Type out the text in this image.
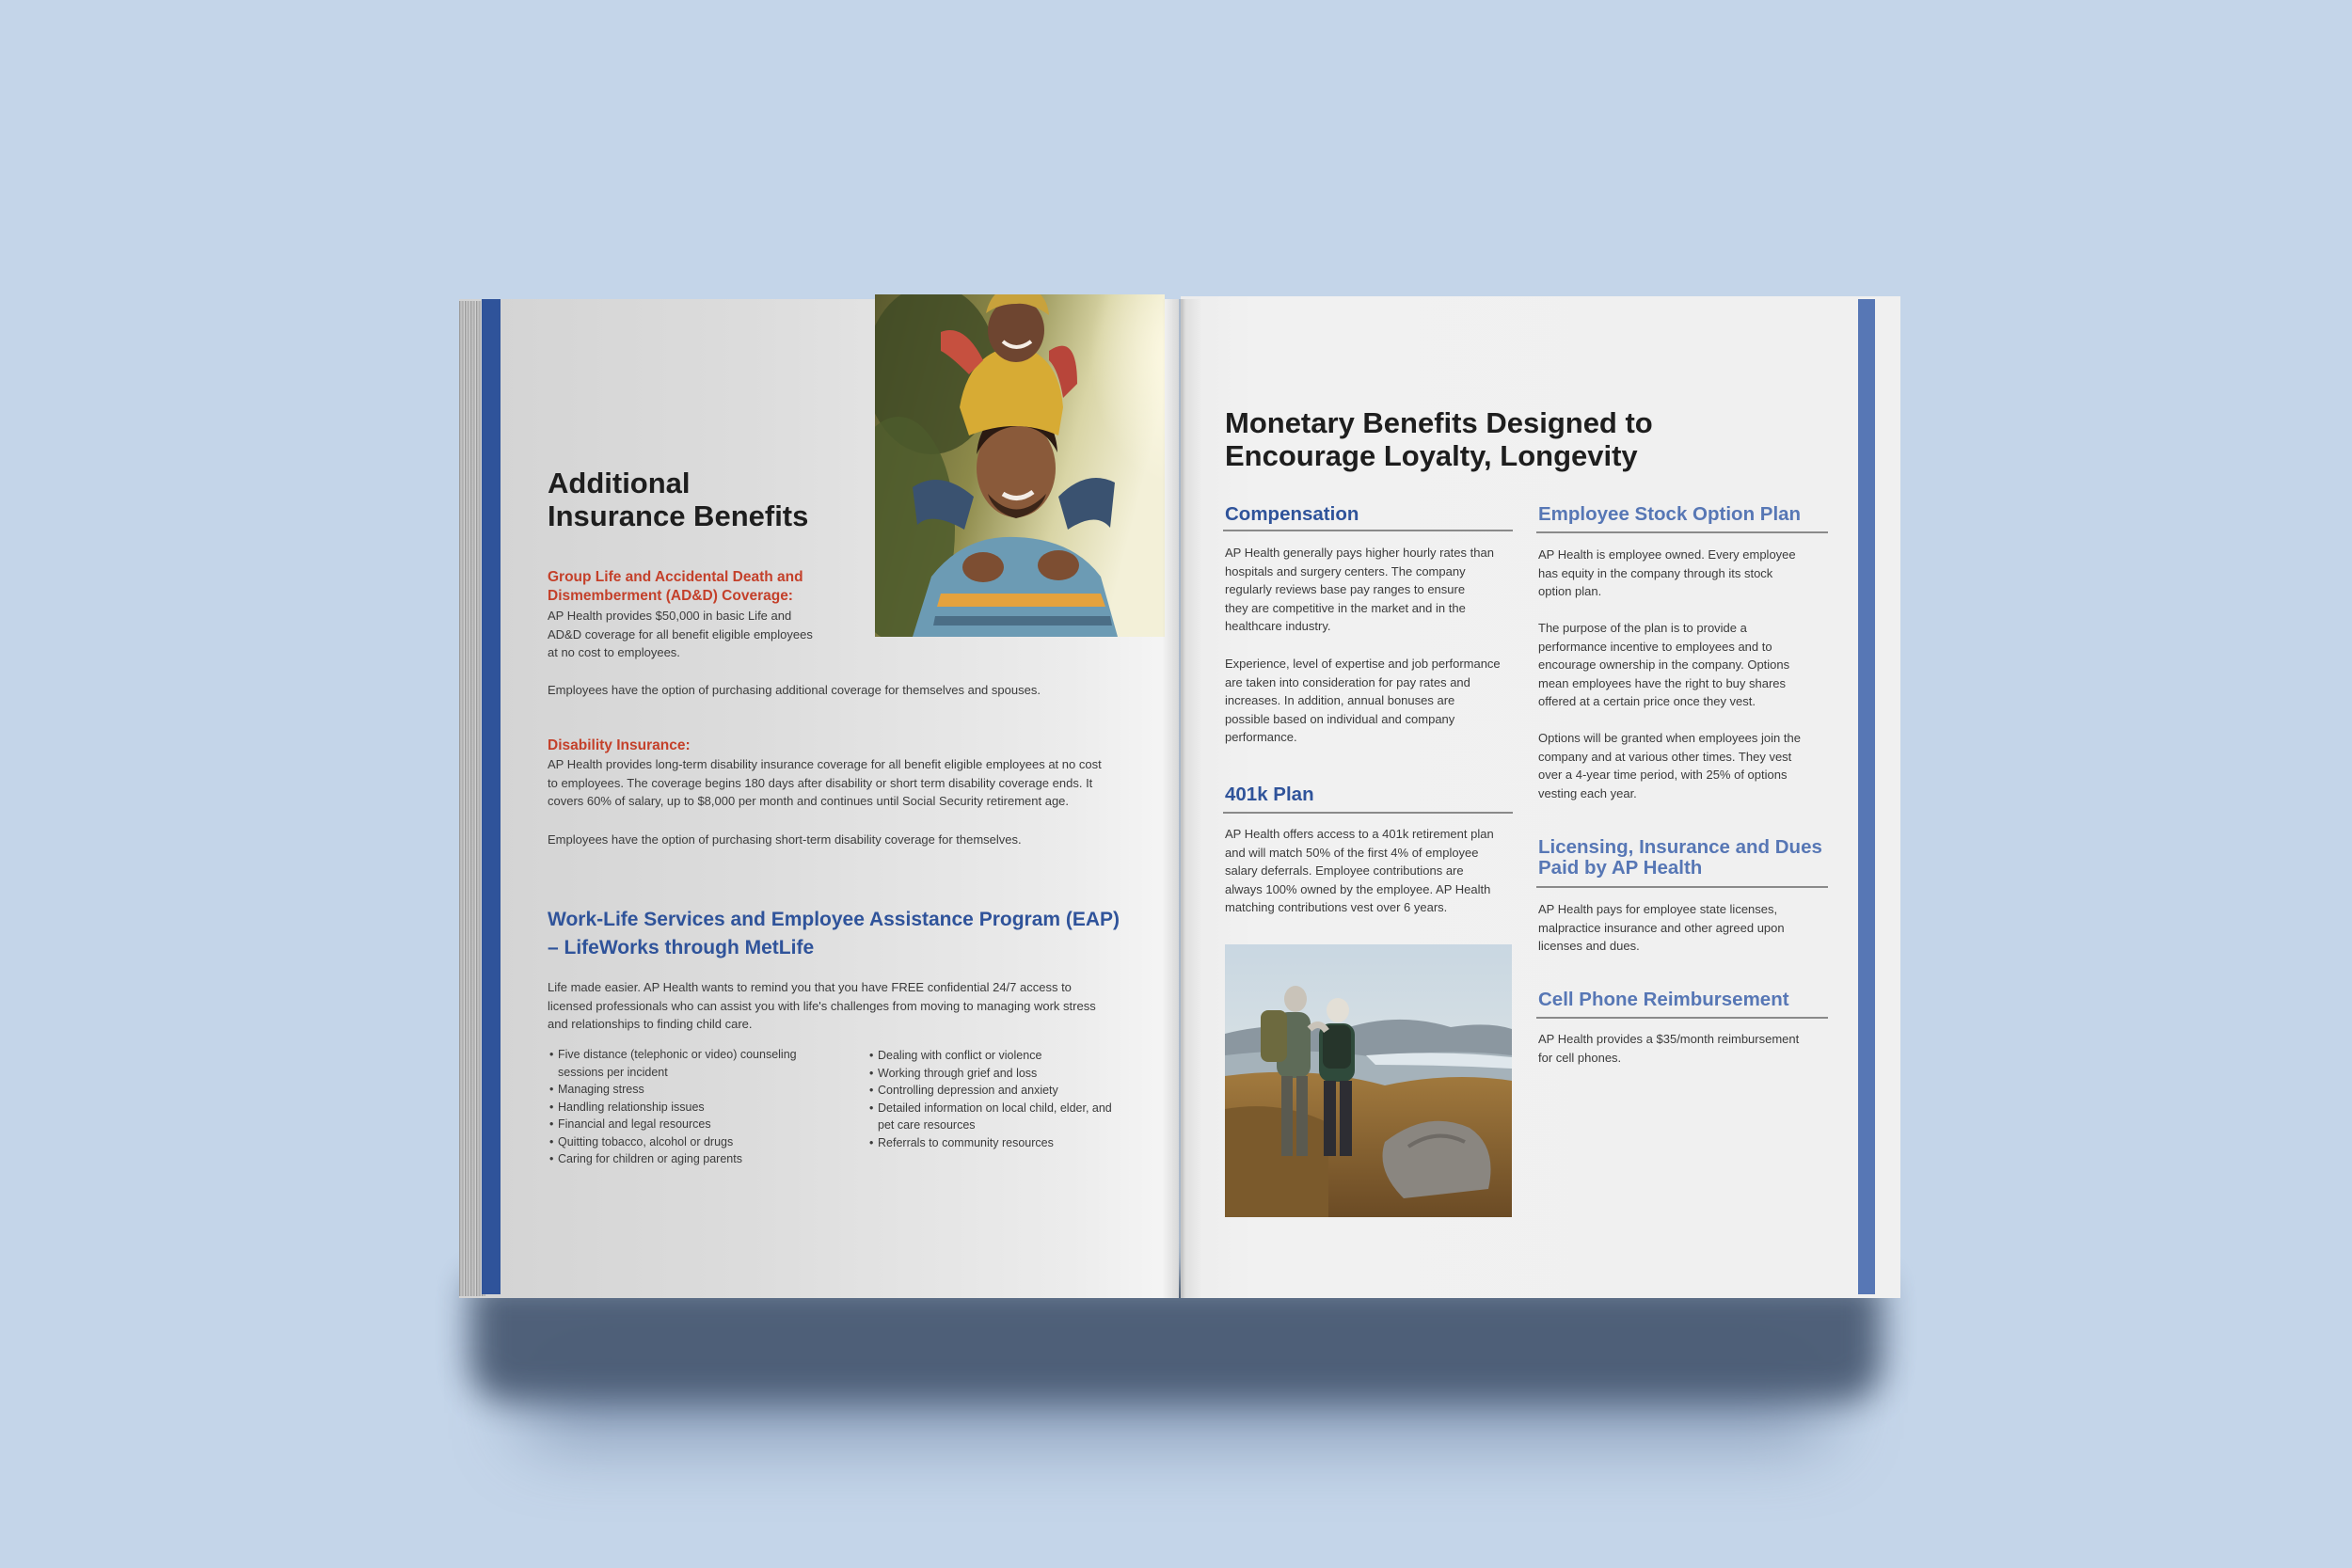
Additional
Insurance Benefits
Group Life and Accidental Death and
Dismemberment (AD&D) Coverage:
AP Health provides $50,000 in basic Life and
AD&D coverage for all benefit eligible employees
at no cost to employees.
Employees have the option of purchasing additional coverage for themselves and spouses.
Disability Insurance:
AP Health provides long-term disability insurance coverage for all benefit eligible employees at no cost
to employees. The coverage begins 180 days after disability or short term disability coverage ends. It
covers 60% of salary, up to $8,000 per month and continues until Social Security retirement age.
Employees have the option of purchasing short-term disability coverage for themselves.
Work-Life Services and Employee Assistance Program (EAP)
– LifeWorks through MetLife
Life made easier. AP Health wants to remind you that you have FREE confidential 24/7 access to
licensed professionals who can assist you with life's challenges from moving to managing work stress
and relationships to finding child care.
• Five distance (telephonic or video) counseling
sessions per incident
• Managing stress
• Handling relationship issues
• Financial and legal resources
• Quitting tobacco, alcohol or drugs
• Caring for children or aging parents
• Dealing with conflict or violence
• Working through grief and loss
• Controlling depression and anxiety
• Detailed information on local child, elder, and
pet care resources
• Referrals to community resources
Monetary Benefits Designed to
Encourage Loyalty, Longevity
Compensation
AP Health generally pays higher hourly rates than
hospitals and surgery centers. The company
regularly reviews base pay ranges to ensure
they are competitive in the market and in the
healthcare industry.
Experience, level of expertise and job performance
are taken into consideration for pay rates and
increases. In addition, annual bonuses are
possible based on individual and company
performance.
401k Plan
AP Health offers access to a 401k retirement plan
and will match 50% of the first 4% of employee
salary deferrals. Employee contributions are
always 100% owned by the employee. AP Health
matching contributions vest over 6 years.
Employee Stock Option Plan
AP Health is employee owned. Every employee
has equity in the company through its stock
option plan.
The purpose of the plan is to provide a
performance incentive to employees and to
encourage ownership in the company. Options
mean employees have the right to buy shares
offered at a certain price once they vest.
Options will be granted when employees join the
company and at various other times. They vest
over a 4-year time period, with 25% of options
vesting each year.
Licensing, Insurance and Dues
Paid by AP Health
AP Health pays for employee state licenses,
malpractice insurance and other agreed upon
licenses and dues.
Cell Phone Reimbursement
AP Health provides a $35/month reimbursement
for cell phones.
